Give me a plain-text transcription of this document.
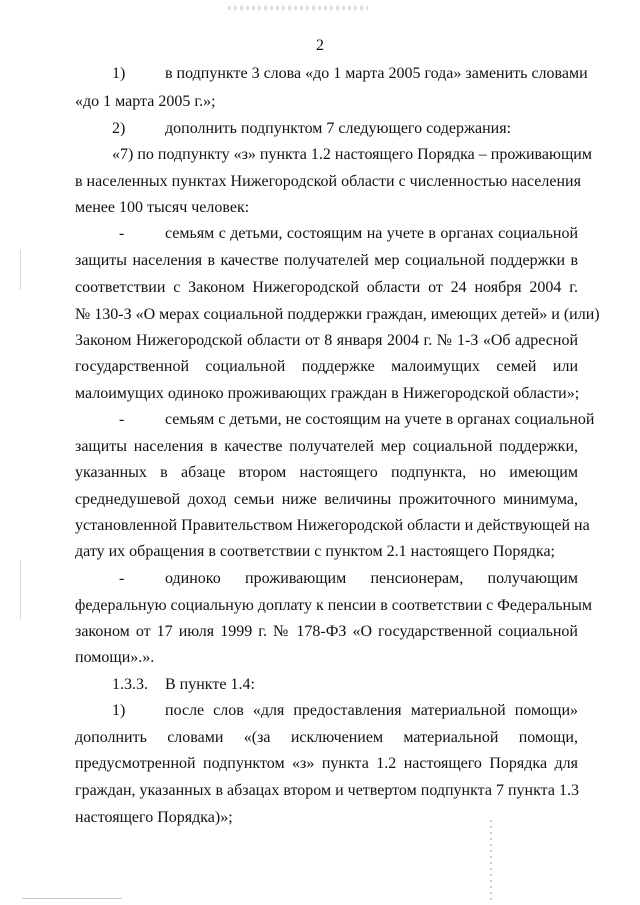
2
1) в подпункте 3 слова «до 1 марта 2005 года» заменить словами
«до 1 марта 2005 г.»;
2) дополнить подпунктом 7 следующего содержания:
«7) по подпункту «з» пункта 1.2 настоящего Порядка – проживающим
в населенных пунктах Нижегородской области с численностью населения
менее 100 тысяч человек:
-	семьям с детьми, состоящим на учете в органах социальной
защиты населения в качестве получателей мер социальной поддержки в
соответствии с Законом Нижегородской области от 24 ноября 2004 г.
№ 130-З «О мерах социальной поддержки граждан, имеющих детей» и (или)
Законом Нижегородской области от 8 января 2004 г. № 1-З «Об адресной
государственной социальной поддержке малоимущих семей или
малоимущих одиноко проживающих граждан в Нижегородской области»;
-	семьям с детьми, не состоящим на учете в органах социальной
защиты населения в качестве получателей мер социальной поддержки,
указанных в абзаце втором настоящего подпункта, но имеющим
среднедушевой доход семьи ниже величины прожиточного минимума,
установленной Правительством Нижегородской области и действующей на
дату их обращения в соответствии с пунктом 2.1 настоящего Порядка;
-	одиноко проживающим пенсионерам, получающим
федеральную социальную доплату к пенсии в соответствии с Федеральным
законом от 17 июля 1999 г. № 178-ФЗ «О государственной социальной
помощи».».
1.3.3. В пункте 1.4:
1) после слов «для предоставления материальной помощи»
дополнить словами «(за исключением материальной помощи,
предусмотренной подпунктом «з» пункта 1.2 настоящего Порядка для
граждан, указанных в абзацах втором и четвертом подпункта 7 пункта 1.3
настоящего Порядка)»;
